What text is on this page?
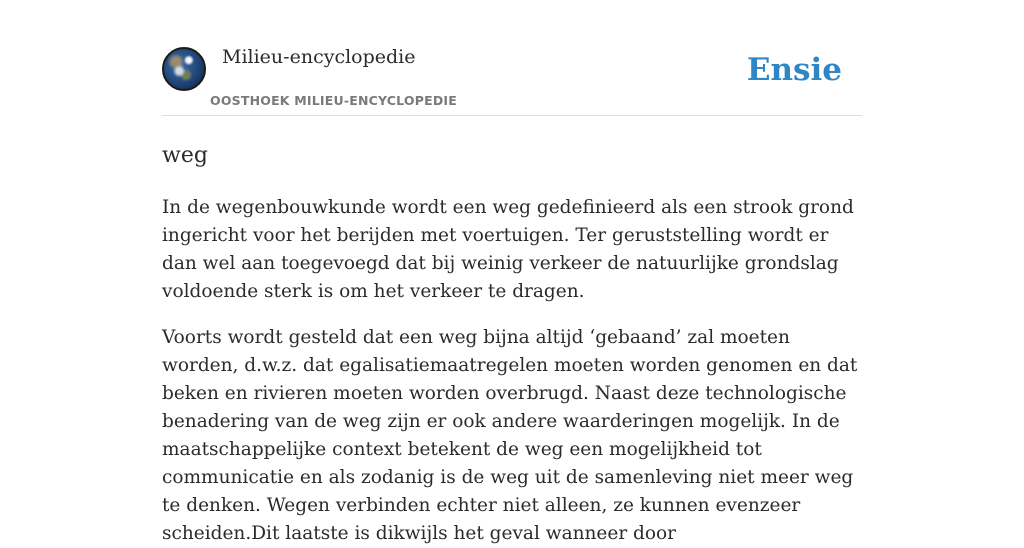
Milieu-encyclopedie
OOSTHOEK MILIEU-ENCYCLOPEDIE
Ensie
weg

In de wegenbouwkunde wordt een weg gedefinieerd als een strook grond ingericht voor het berijden met voertuigen. Ter geruststelling wordt er dan wel aan toegevoegd dat bij weinig verkeer de natuurlijke grondslag voldoende sterk is om het verkeer te dragen.

Voorts wordt gesteld dat een weg bijna altijd ‘gebaand’ zal moeten worden, d.w.z. dat egalisatiemaatregelen moeten worden genomen en dat beken en rivieren moeten worden overbrugd. Naast deze technologische benadering van de weg zijn er ook andere waarderingen mogelijk. In de maatschappelijke context betekent de weg een mogelijkheid tot communicatie en als zodanig is de weg uit de samenleving niet meer weg te denken. Wegen verbinden echter niet alleen, ze kunnen evenzeer scheiden.Dit laatste is dikwijls het geval wanneer door
